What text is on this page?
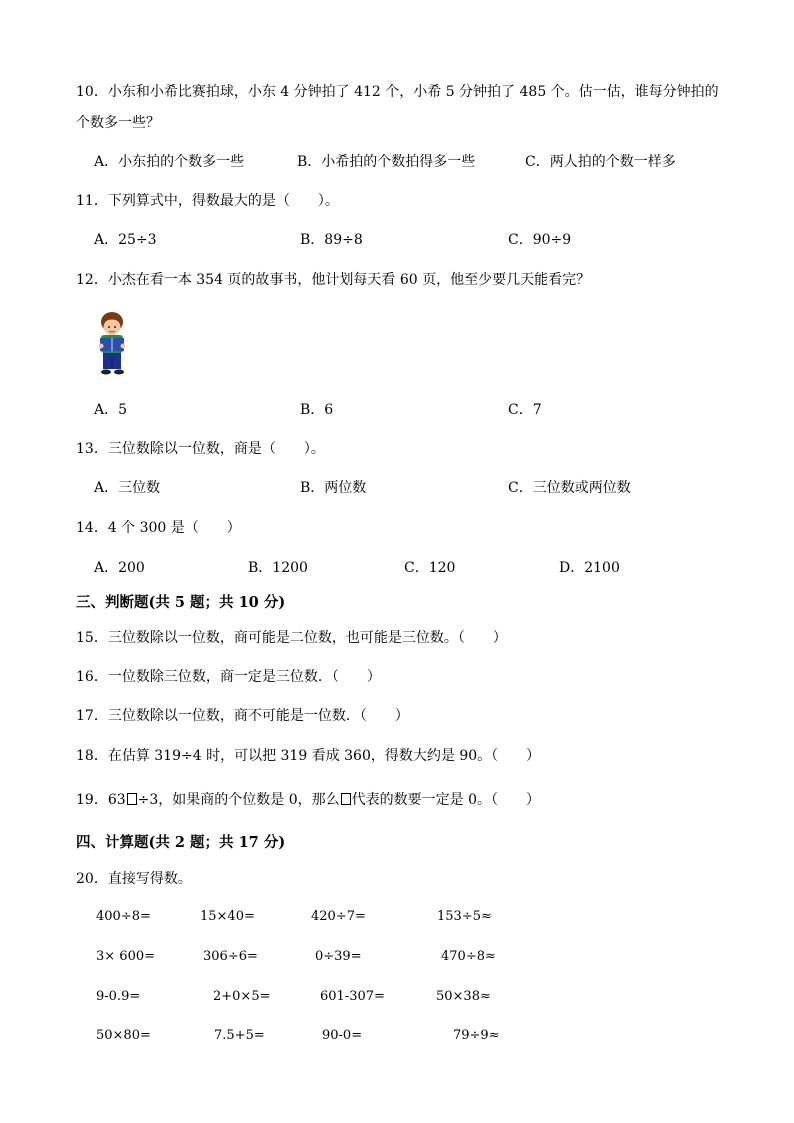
10．小东和小希比赛拍球，小东 4 分钟拍了 412 个，小希 5 分钟拍了 485 个。估一估，谁每分钟拍的
个数多一些？
A．小东拍的个数多一些	B．小希拍的个数拍得多一些	C．两人拍的个数一样多
11．下列算式中，得数最大的是（　　）。
A．25÷3	B．89÷8	C．90÷9
12．小杰在看一本 354 页的故事书，他计划每天看 60 页，他至少要几天能看完？
A．5	B．6	C．7
13．三位数除以一位数，商是（　　）。
A．三位数	B．两位数	C．三位数或两位数
14．4 个 300 是（　　）
A．200	B．1200	C．120	D．2100
三、判断题(共 5 题；共 10 分)
15．三位数除以一位数，商可能是二位数，也可能是三位数。（　　）
16．一位数除三位数，商一定是三位数．（　　）
17．三位数除以一位数，商不可能是一位数．（　　）
18．在估算 319÷4 时，可以把 319 看成 360，得数大约是 90。（　　）
19．63 ÷3，如果商的个位数是 0，那么 代表的数要一定是 0。（　　）
四、计算题(共 2 题；共 17 分)
20．直接写得数。
400÷8=	15×40=	420÷7=	153÷5≈
3× 600=	306÷6=	0÷39=	470÷8≈
9-0.9=	2+0×5=	601-307=	50×38≈
50×80=	7.5+5=	90-0=	79÷9≈
